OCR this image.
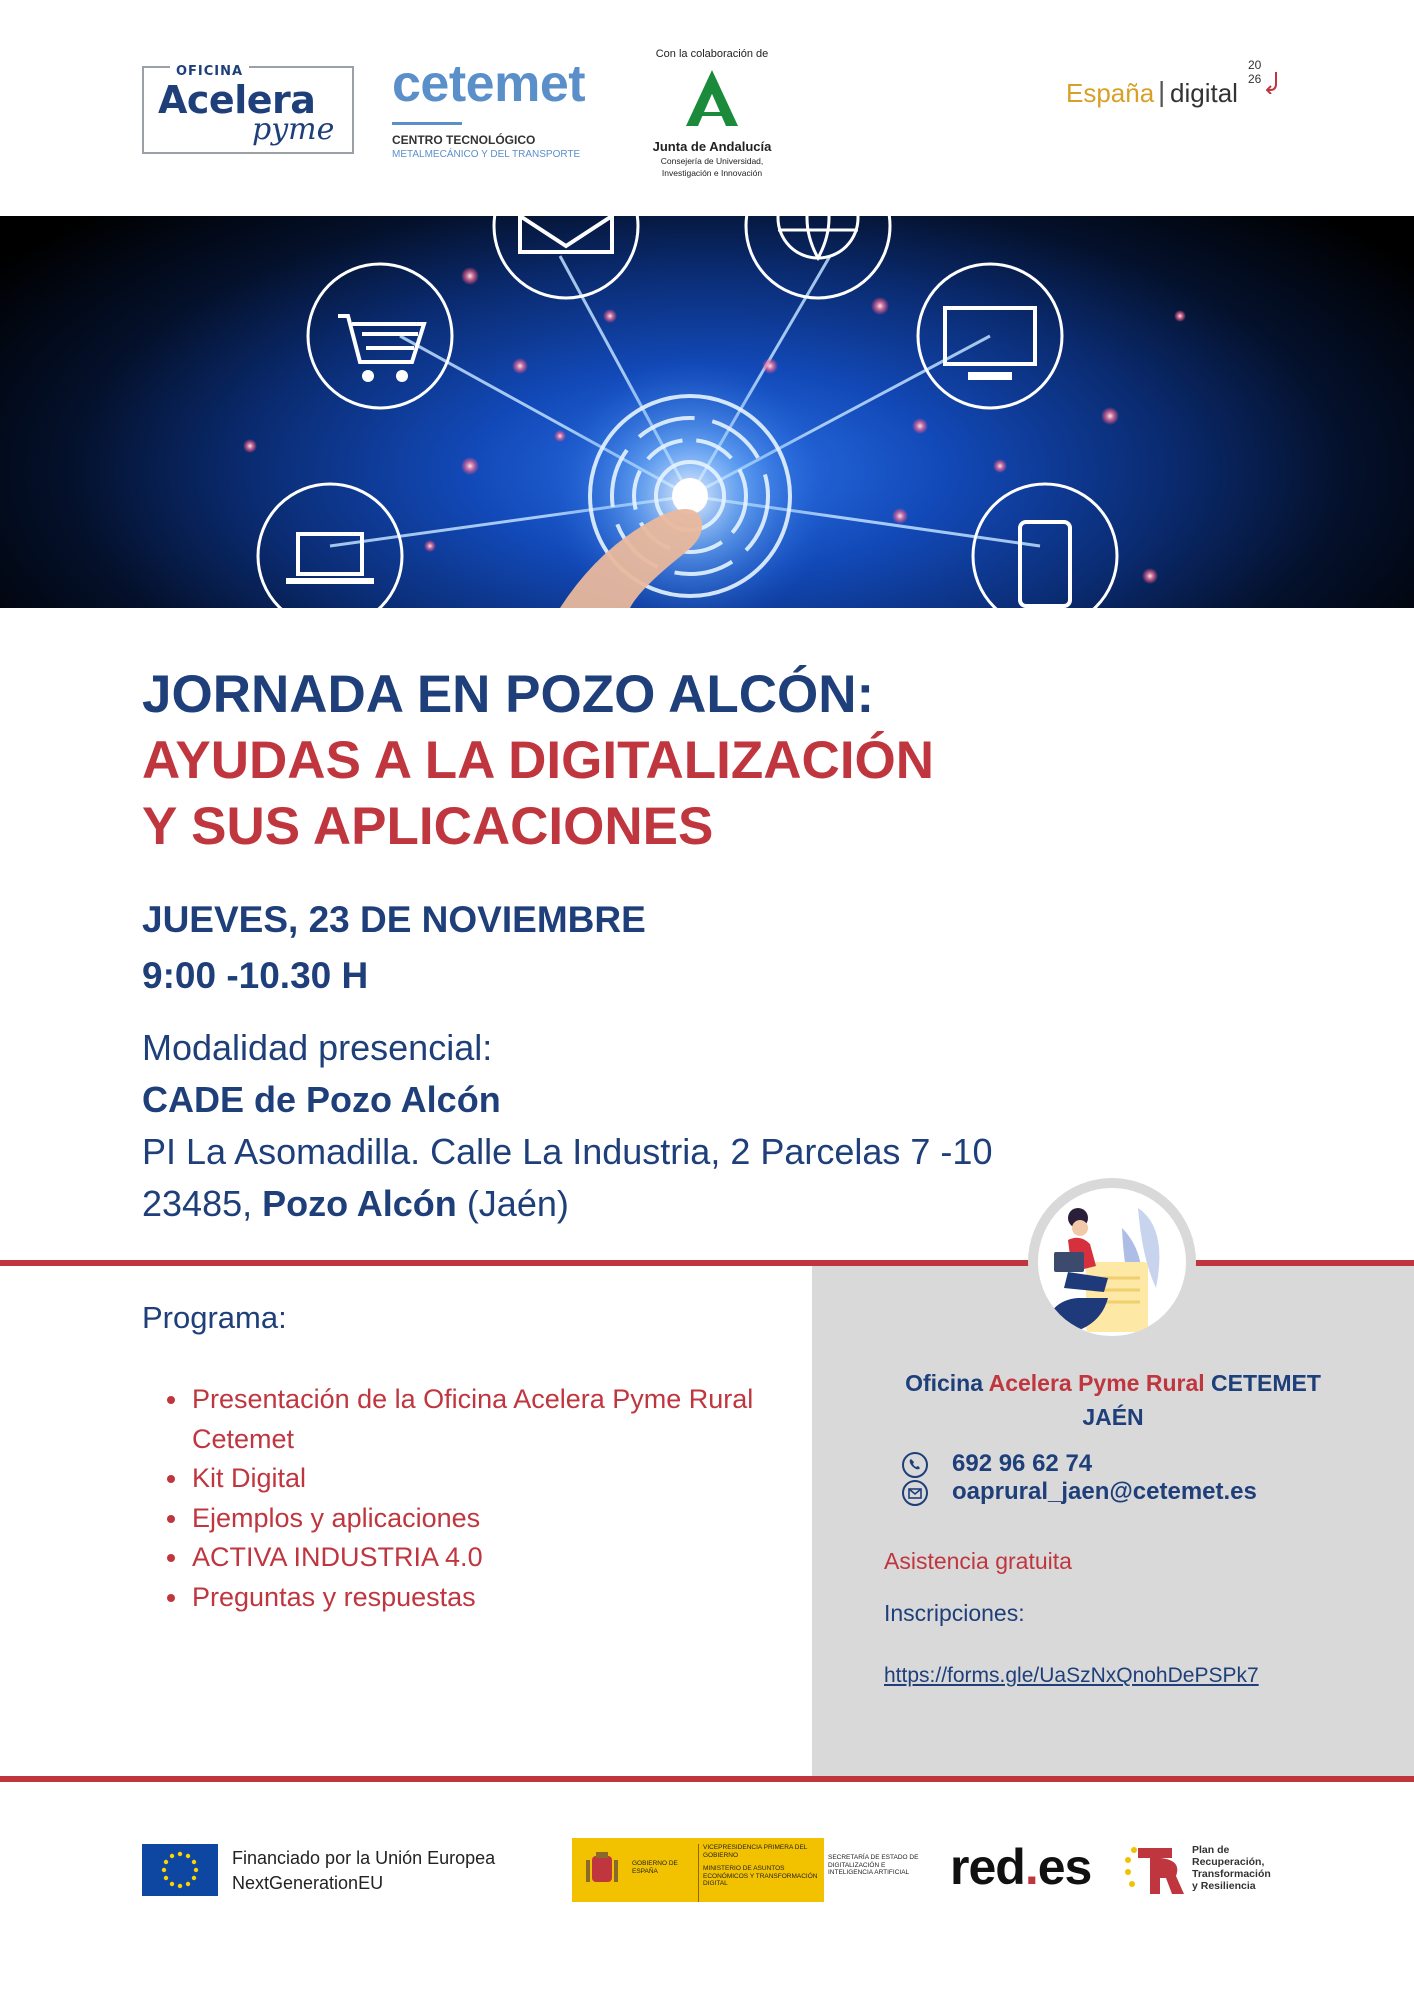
OFICINA
Acelera
pyme
cetemet
CENTRO TECNOLÓGICO
METALMECÁNICO Y DEL TRANSPORTE
Con la colaboración de
Junta de Andalucía
Consejería de Universidad,
Investigación e Innovación
España | digital
20
26
JORNADA EN POZO ALCÓN:
AYUDAS A LA DIGITALIZACIÓN
Y SUS APLICACIONES
JUEVES, 23 DE NOVIEMBRE
9:00 -10.30 H
Modalidad presencial:
CADE de Pozo Alcón
PI La Asomadilla. Calle La Industria, 2 Parcelas 7 -10
23485, Pozo Alcón (Jaén)
Oficina Acelera Pyme Rural CETEMET
JAÉN
692 96 62 74
oaprural_jaen@cetemet.es
Asistencia gratuita
Inscripciones:
https://forms.gle/UaSzNxQnohDePSPk7
Programa:
• Presentación de la Oficina Acelera Pyme Rural Cetemet
• Kit Digital
• Ejemplos y aplicaciones
• ACTIVA INDUSTRIA 4.0
• Preguntas y respuestas
Financiado por la Unión Europea
NextGenerationEU
GOBIERNO DE ESPAÑA
VICEPRESIDENCIA PRIMERA DEL GOBIERNO
MINISTERIO DE ASUNTOS ECONÓMICOS Y TRANSFORMACIÓN DIGITAL
SECRETARÍA DE ESTADO DE DIGITALIZACIÓN E INTELIGENCIA ARTIFICIAL red.es	Plan de
Recuperación,
Transformación
y Resiliencia
